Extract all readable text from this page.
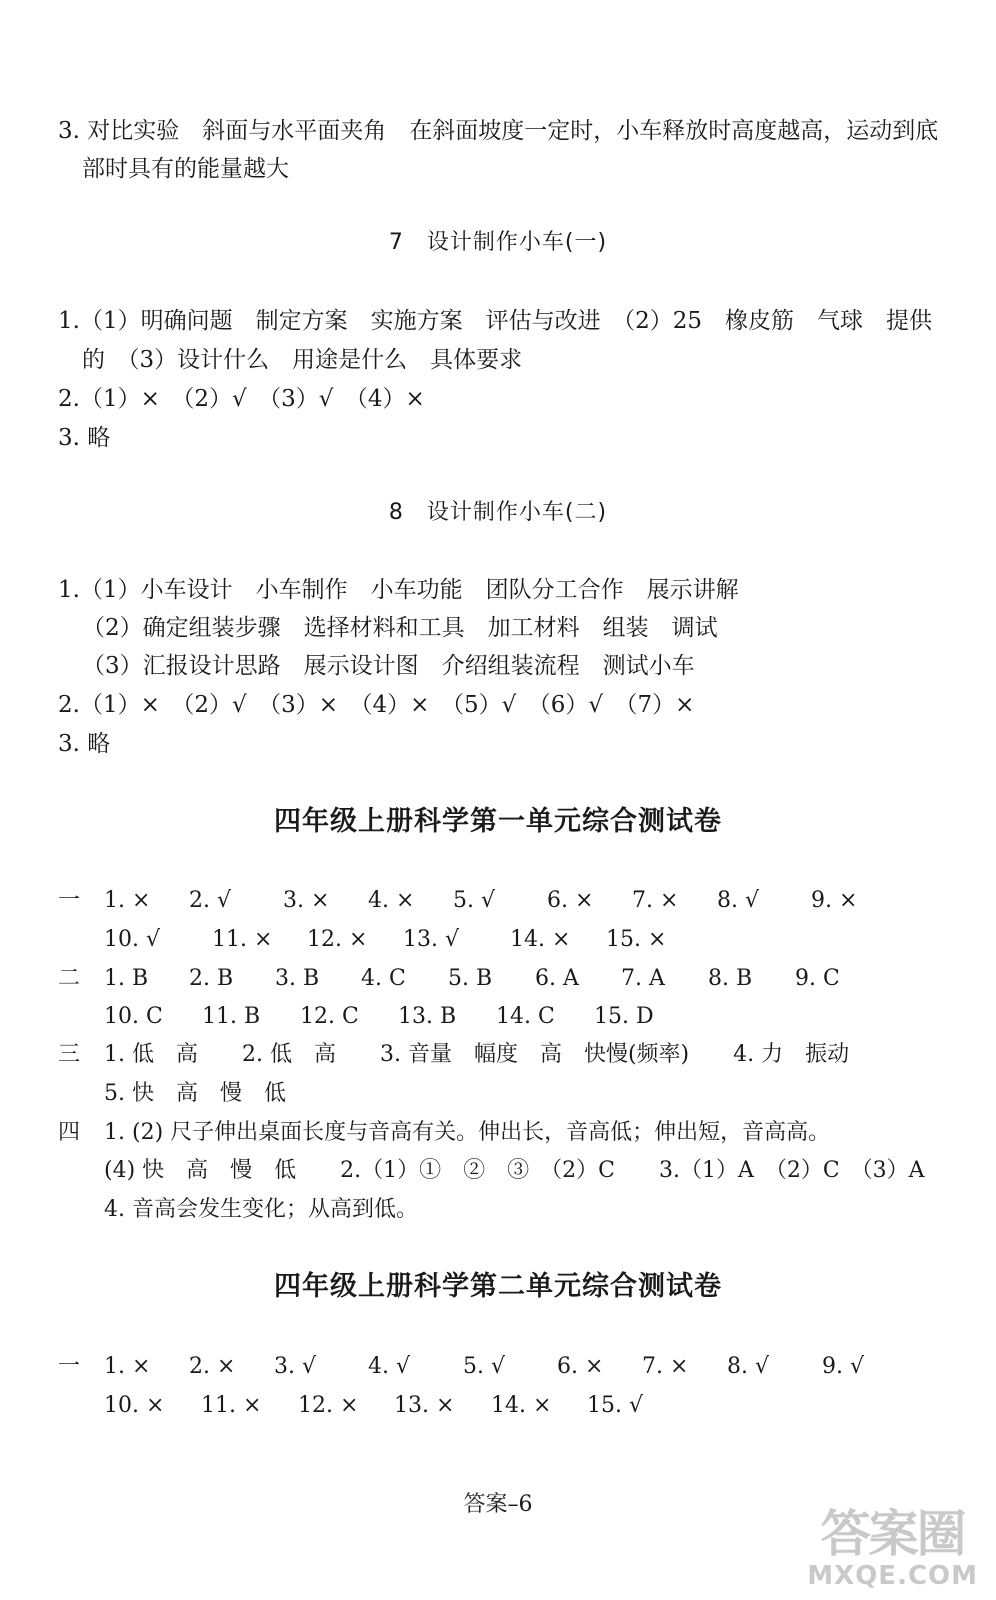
3. 对比实验　斜面与水平面夹角　在斜面坡度一定时，小车释放时高度越高，运动到底
部时具有的能量越大
7　设计制作小车(一)
1.（1）明确问题　制定方案　实施方案　评估与改进　（2）25　橡皮筋　气球　提供
的　（3）设计什么　用途是什么　具体要求
2.（1）×　（2）√　（3）√　（4）×
3. 略
8　设计制作小车(二)
1.（1）小车设计　小车制作　小车功能　团队分工合作　展示讲解
（2）确定组装步骤　选择材料和工具　加工材料　组装　调试
（3）汇报设计思路　展示设计图　介绍组装流程　测试小车
2.（1）×　（2）√　（3）×　（4）×　（5）√　（6）√　（7）×
3. 略
四年级上册科学第一单元综合测试卷
一 1. × 2. √ 3. × 4. × 5. √ 6. × 7. × 8. √ 9. ×
10. √ 11. × 12. × 13. √ 14. × 15. ×
二 1. B 2. B 3. B 4. C 5. B 6. A 7. A 8. B 9. C
10. C 11. B 12. C 13. B 14. C 15. D
三 1. 低　高　　2. 低　高　　3. 音量　幅度　高　快慢(频率)　　4. 力　振动
5. 快　高　慢　低
四 1. (2) 尺子伸出桌面长度与音高有关。伸出长，音高低；伸出短，音高高。
(4) 快　高　慢　低　　2.（1）①　②　③　（2）C　　3.（1）A　（2）C　（3）A
4. 音高会发生变化；从高到低。
四年级上册科学第二单元综合测试卷
一 1. × 2. × 3. √ 4. √ 5. √ 6. × 7. × 8. √ 9. √
10. × 11. × 12. × 13. × 14. × 15. √
答案–6
答案圈
MXQE.COM
